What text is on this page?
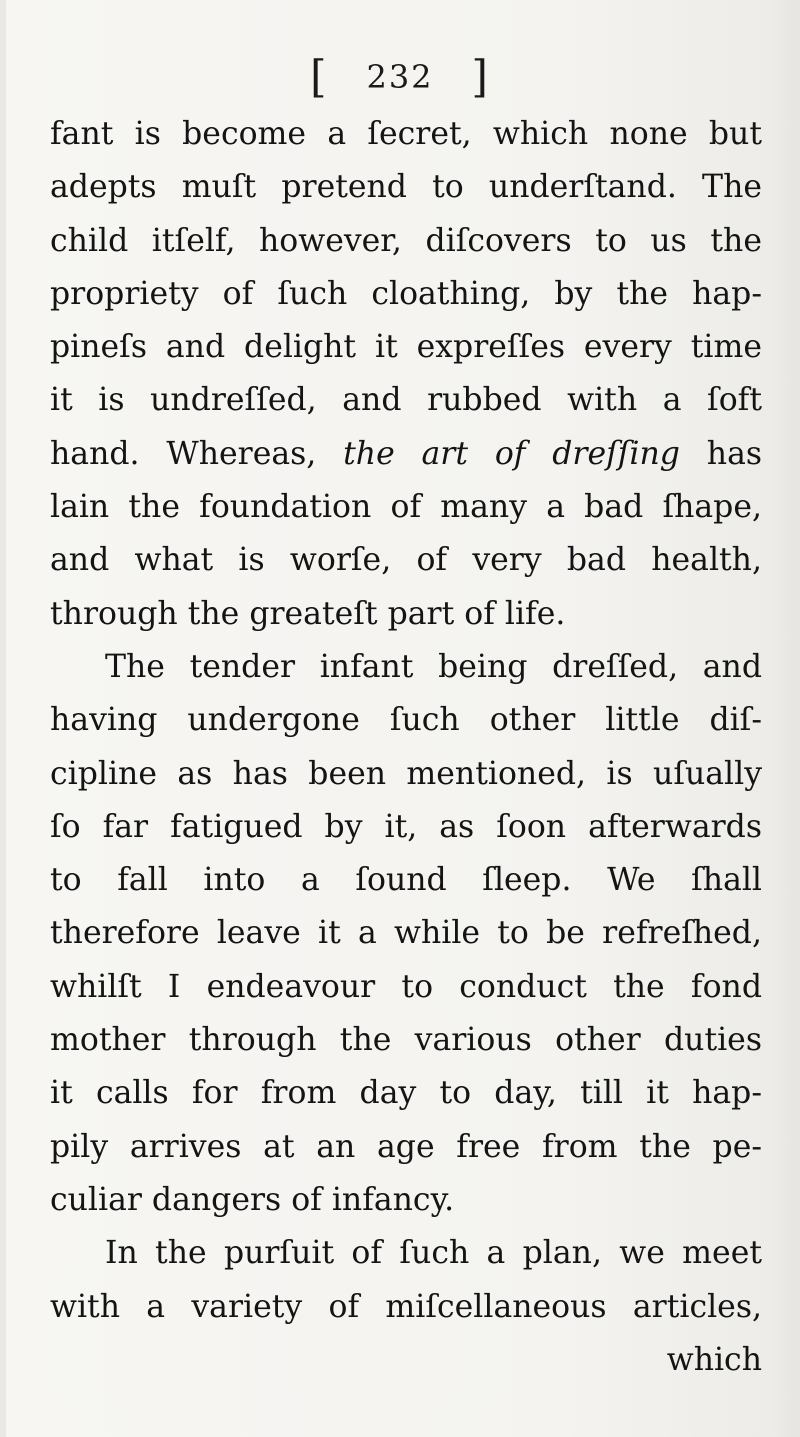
[ 232 ]
fant is become a ſecret, which none but
adepts muſt pretend to underſtand. The
child itſelf, however, diſcovers to us the
propriety of ſuch cloathing, by the hap-
pineſs and delight it expreſſes every time
it is undreſſed, and rubbed with a ſoft
hand. Whereas, the art of dreſſing has
lain the foundation of many a bad ſhape,
and what is worſe, of very bad health,
through the greateſt part of life.
The tender infant being dreſſed, and
having undergone ſuch other little diſ-
cipline as has been mentioned, is uſually
ſo far fatigued by it, as ſoon afterwards
to fall into a ſound ſleep. We ſhall
therefore leave it a while to be refreſhed,
whilſt I endeavour to conduct the fond
mother through the various other duties
it calls for from day to day, till it hap-
pily arrives at an age free from the pe-
culiar dangers of infancy.
In the purſuit of ſuch a plan, we meet
with a variety of miſcellaneous articles,
which
